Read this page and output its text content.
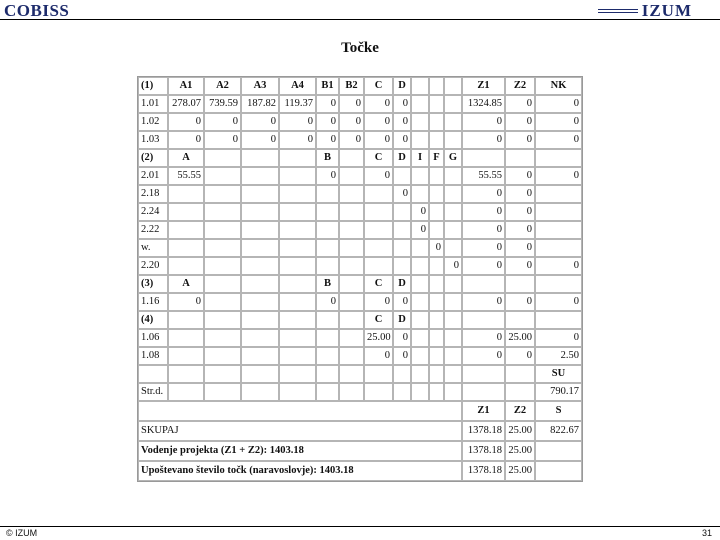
COBISS	IZUM
Točke
(1)	A1	A2	A3	A4	B1	B2	C	D				Z1	Z2	NK
1.01	278.07	739.59	187.82	119.37	0	0	0	0				1324.85	0	0
1.02	0	0	0	0	0	0	0	0				0	0	0
1.03	0	0	0	0	0	0	0	0				0	0	0
(2)	A				B		C	D	I	F	G			
2.01	55.55				0		0					55.55	0	0
2.18								0				0	0	
2.24									0			0	0	
2.22									0			0	0	
w.										0		0	0	
2.20											0	0	0	0
(3)	A				B		C	D						
1.16	0				0		0	0				0	0	0
(4)							C	D						
1.06							25.00	0				0	25.00	0
1.08							0	0				0	0	2.50
														SU
Str.d.														790.17
												Z1	Z2	S
SKUPAJ												1378.18	25.00	822.67
Vodenje projekta (Z1 + Z2): 1403.18												1378.18	25.00	
Upoštevano število točk (naravoslovje): 1403.18												1378.18	25.00	
© IZUM	31
